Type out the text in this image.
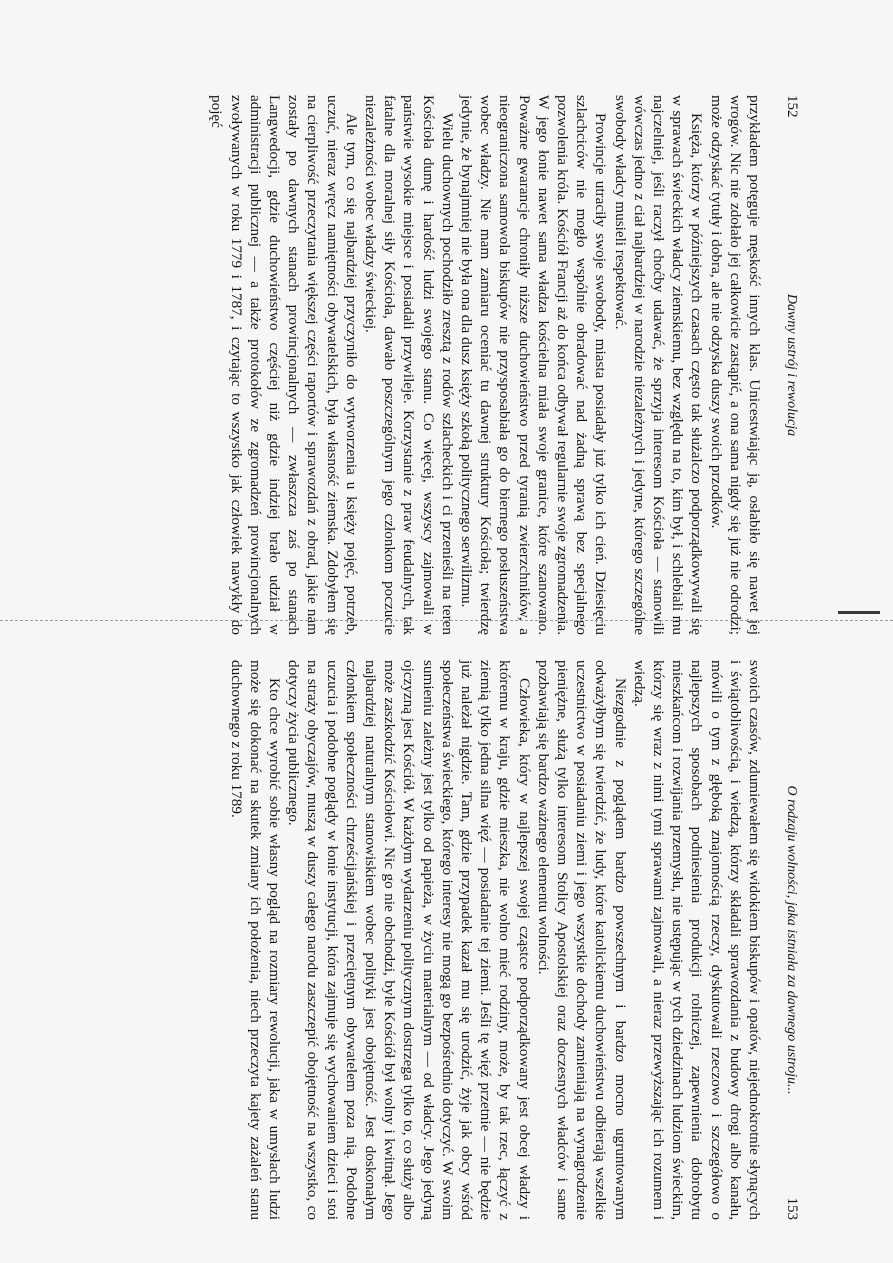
152
Dawny ustrój i rewolucja

przykładem potęguje męskość innych klas. Unicestwiając ją, osłabiło się nawet jej wrogów. Nic nie zdołało jej całkowicie zastąpić, a ona sama nigdy się już nie odrodzi; może odzyskać tytuły i dobra, ale nie odzyska duszy swoich przodków.

Księża, którzy w późniejszych czasach często tak służalczo podporządkowywali się w sprawach świeckich władcy ziemskiemu, bez względu na to, kim był, i schlebiali mu najczelniej, jeśli raczył choćby udawać, że sprzyja interesom Kościoła — stanowili wówczas jedno z ciał najbardziej w narodzie niezależnych i jedyne, którego szczególne swobody władcy musieli respektować.

Prowincje utraciły swoje swobody, miasta posiadały już tylko ich cień. Dziesięciu szlachciców nie mogło wspólnie obradować nad żadną sprawą bez specjalnego pozwolenia króla. Kościół Francji aż do końca odbywał regularnie swoje zgromadzenia. W jego łonie nawet sama władza kościelna miała swoje granice, które szanowano. Poważne gwarancje chroniły niższe duchowieństwo przed tyranią zwierzchników, a nieograniczona samowola biskupów nie przysposabiała go do biernego posłuszeństwa wobec władzy. Nie mam zamiaru oceniać tu dawnej struktury Kościoła; twierdzę jedynie, że bynajmniej nie była ona dla dusz księży szkołą politycznego serwilizmu.

Wielu duchownych pochodziło zresztą z rodów szlacheckich i ci przenieśli na teren Kościoła dumę i hardość ludzi swojego stanu. Co więcej, wszyscy zajmowali w państwie wysokie miejsce i posiadali przywileje. Korzystanie z praw feudalnych, tak fatalne dla moralnej siły Kościoła, dawało poszczególnym jego członkom poczucie niezależności wobec władzy świeckiej.

Ale tym, co się najbardziej przyczyniło do wytworzenia u księży pojęć, potrzeb, uczuć, nieraz wręcz namiętności obywatelskich, była własność ziemska. Zdobyłem się na cierpliwość przeczytania większej części raportów i sprawozdań z obrad, jakie nam zostały po dawnych stanach prowincjonalnych — zwłaszcza zaś po stanach Langwedocji, gdzie duchowieństwo częściej niż gdzie indziej brało udział w administracji publicznej — a także protokołów ze zgromadzeń prowincjonalnych zwoływanych w roku 1779 i 1787, i czytając to wszystko jak człowiek nawykły do pojęć

O rodzaju wolności, jaka istniała za dawnego ustroju...
153

swoich czasów, zdumiewałem się widokiem biskupów i opatów, niejednokrotnie słynących i świątobliwością, i wiedzą, którzy składali sprawozdania z budowy drogi albo kanału, mówili o tym z głęboką znajomością rzeczy, dyskutowali rzeczowo i szczegółowo o najlepszych sposobach podniesienia produkcji rolniczej, zapewnienia dobrobytu mieszkańcom i rozwijania przemysłu, nie ustępując w tych dziedzinach ludziom świeckim, którzy się wraz z nimi tymi sprawami zajmowali, a nieraz przewyższając ich rozumem i wiedzą.

Niezgodnie z poglądem bardzo powszechnym i bardzo mocno ugruntowanym odważyłbym się twierdzić, że ludy, które katolickiemu duchowieństwu odbierają wszelkie uczestnictwo w posiadaniu ziemi i jego wszystkie dochody zamieniają na wynagrodzenie pieniężne, służą tylko interesom Stolicy Apostolskiej oraz doczesnych władców i same pozbawiają się bardzo ważnego elementu wolności.

Człowieka, który w najlepszej swojej cząstce podporządkowany jest obcej władzy i któremu w kraju, gdzie mieszka, nie wolno mieć rodziny, może, by tak rzec, łączyć z ziemią tylko jedna silna więź — posiadanie tej ziemi. Jeśli tę więź przetnie — nie będzie już należał nigdzie. Tam, gdzie przypadek kazał mu się urodzić, żyje jak obcy wśród społeczeństwa świeckiego, którego interesy nie mogą go bezpośrednio dotyczyć. W swoim sumieniu zależny jest tylko od papieża, w życiu materialnym — od władcy. Jego jedyną ojczyzną jest Kościół. W każdym wydarzeniu politycznym dostrzega tylko to, co służy albo może zaszkodzić Kościołowi. Nic go nie obchodzi, byle Kościół był wolny i kwitnął. Jego najbardziej naturalnym stanowiskiem wobec polityki jest obojętność. Jest doskonałym członkiem społeczności chrześcijańskiej i przeciętnym obywatelem poza nią. Podobne uczucia i podobne poglądy w łonie instytucji, która zajmuje się wychowaniem dzieci i stoi na straży obyczajów, muszą w duszy całego narodu zaszczepić obojętność na wszystko, co dotyczy życia publicznego.

Kto chce wyrobić sobie własny pogląd na rozmiary rewolucji, jaka w umysłach ludzi może się dokonać na skutek zmiany ich położenia, niech przeczyta kajety zażaleń stanu duchownego z roku 1789.
